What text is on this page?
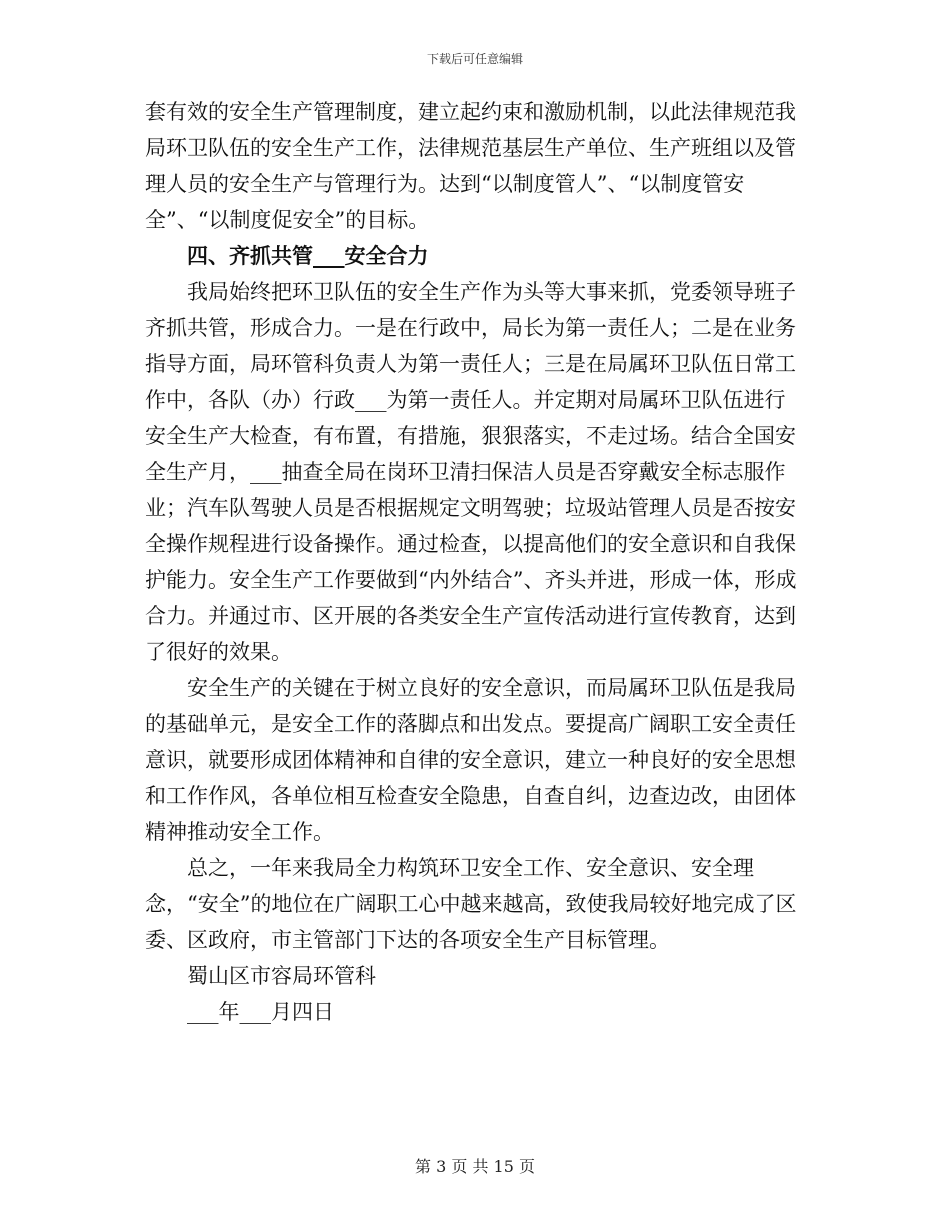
下载后可任意编辑

套有效的安全生产管理制度，建立起约束和激励机制，以此法律规范我局环卫队伍的安全生产工作，法律规范基层生产单位、生产班组以及管理人员的安全生产与管理行为。达到“以制度管人”、“以制度管安全”、“以制度促安全”的目标。

四、齐抓共管___安全合力

我局始终把环卫队伍的安全生产作为头等大事来抓，党委领导班子齐抓共管，形成合力。一是在行政中，局长为第一责任人；二是在业务指导方面，局环管科负责人为第一责任人；三是在局属环卫队伍日常工作中，各队（办）行政___为第一责任人。并定期对局属环卫队伍进行安全生产大检查，有布置，有措施，狠狠落实，不走过场。结合全国安全生产月，___抽查全局在岗环卫清扫保洁人员是否穿戴安全标志服作业；汽车队驾驶人员是否根据规定文明驾驶；垃圾站管理人员是否按安全操作规程进行设备操作。通过检查，以提高他们的安全意识和自我保护能力。安全生产工作要做到“内外结合”、齐头并进，形成一体，形成合力。并通过市、区开展的各类安全生产宣传活动进行宣传教育，达到了很好的效果。

安全生产的关键在于树立良好的安全意识，而局属环卫队伍是我局的基础单元，是安全工作的落脚点和出发点。要提高广阔职工安全责任意识，就要形成团体精神和自律的安全意识，建立一种良好的安全思想和工作作风，各单位相互检查安全隐患，自查自纠，边查边改，由团体精神推动安全工作。

总之，一年来我局全力构筑环卫安全工作、安全意识、安全理念，“安全”的地位在广阔职工心中越来越高，致使我局较好地完成了区委、区政府，市主管部门下达的各项安全生产目标管理。

蜀山区市容局环管科

___年___月四日

第 3 页 共 15 页
